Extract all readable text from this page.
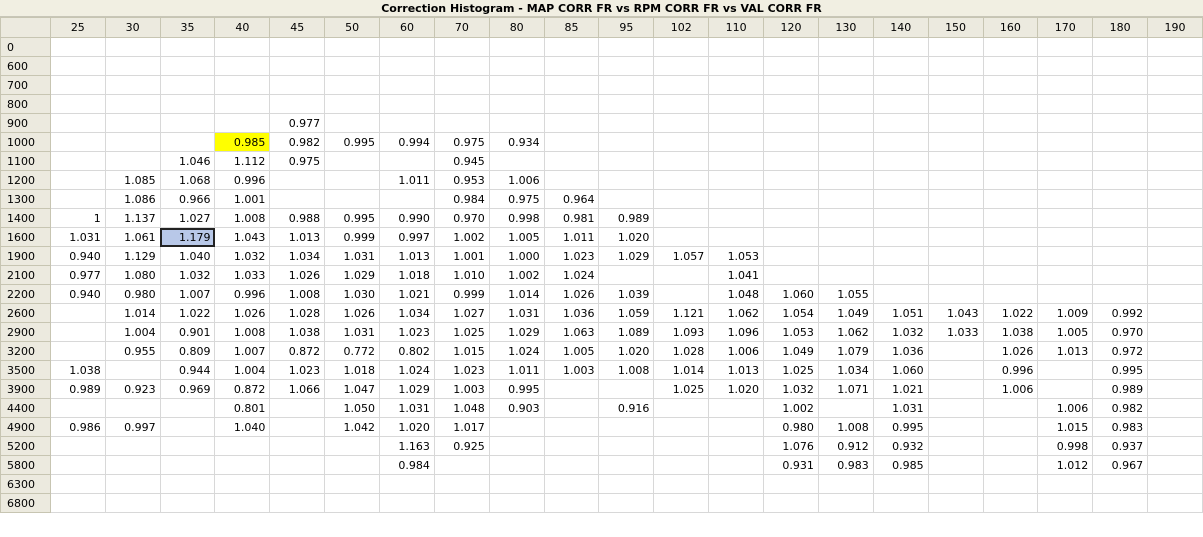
Correction Histogram - MAP CORR FR vs RPM CORR FR vs VAL CORR FR
	25	30	35	40	45	50	60	70	80	85	95	102	110	120	130	140	150	160	170	180	190
0																					
600																					
700																					
800																					
900					0.977																
1000				0.985	0.982	0.995	0.994	0.975	0.934												
1100			1.046	1.112	0.975			0.945													
1200		1.085	1.068	0.996			1.011	0.953	1.006												
1300		1.086	0.966	1.001				0.984	0.975	0.964											
1400	1	1.137	1.027	1.008	0.988	0.995	0.990	0.970	0.998	0.981	0.989										
1600	1.031	1.061	1.179	1.043	1.013	0.999	0.997	1.002	1.005	1.011	1.020										
1900	0.940	1.129	1.040	1.032	1.034	1.031	1.013	1.001	1.000	1.023	1.029	1.057	1.053								
2100	0.977	1.080	1.032	1.033	1.026	1.029	1.018	1.010	1.002	1.024			1.041								
2200	0.940	0.980	1.007	0.996	1.008	1.030	1.021	0.999	1.014	1.026	1.039		1.048	1.060	1.055						
2600		1.014	1.022	1.026	1.028	1.026	1.034	1.027	1.031	1.036	1.059	1.121	1.062	1.054	1.049	1.051	1.043	1.022	1.009	0.992	
2900		1.004	0.901	1.008	1.038	1.031	1.023	1.025	1.029	1.063	1.089	1.093	1.096	1.053	1.062	1.032	1.033	1.038	1.005	0.970	
3200		0.955	0.809	1.007	0.872	0.772	0.802	1.015	1.024	1.005	1.020	1.028	1.006	1.049	1.079	1.036		1.026	1.013	0.972	
3500	1.038		0.944	1.004	1.023	1.018	1.024	1.023	1.011	1.003	1.008	1.014	1.013	1.025	1.034	1.060		0.996		0.995	
3900	0.989	0.923	0.969	0.872	1.066	1.047	1.029	1.003	0.995			1.025	1.020	1.032	1.071	1.021		1.006		0.989	
4400				0.801		1.050	1.031	1.048	0.903		0.916			1.002		1.031			1.006	0.982	
4900	0.986	0.997		1.040		1.042	1.020	1.017						0.980	1.008	0.995			1.015	0.983	
5200							1.163	0.925						1.076	0.912	0.932			0.998	0.937	
5800							0.984							0.931	0.983	0.985			1.012	0.967	
6300																					
6800																					
